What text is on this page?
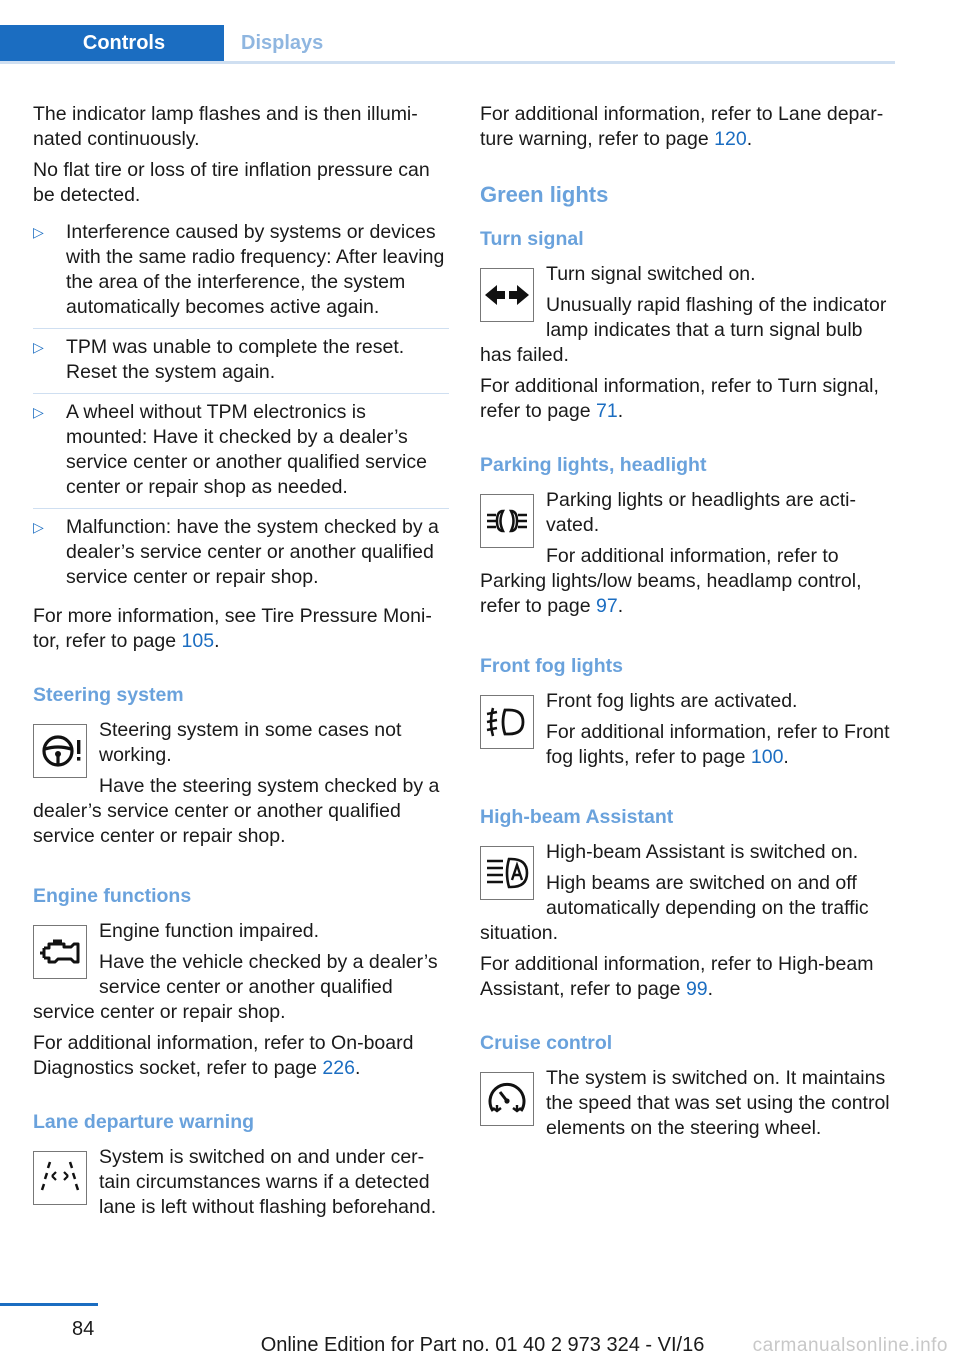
Controls	Displays

The indicator lamp flashes and is then illuminated continuously.

No flat tire or loss of tire inflation pressure can be detected.

▷	Interference caused by systems or devices with the same radio frequency: After leaving the area of the interference, the system automatically becomes active again.
▷	TPM was unable to complete the reset. Reset the system again.
▷	A wheel without TPM electronics is mounted: Have it checked by a dealer’s service center or another qualified service center or repair shop as needed.
▷	Malfunction: have the system checked by a dealer’s service center or another qualified service center or repair shop.

For more information, see Tire Pressure Monitor, refer to page 105.

Steering system

Steering system in some cases not working.

Have the steering system checked by a dealer’s service center or another qualified service center or repair shop.

Engine functions

Engine function impaired.

Have the vehicle checked by a dealer’s service center or another qualified service center or repair shop.

For additional information, refer to On-board Diagnostics socket, refer to page 226.

Lane departure warning

System is switched on and under certain circumstances warns if a detected lane is left without flashing beforehand.

For additional information, refer to Lane departure warning, refer to page 120.

Green lights
Turn signal

Turn signal switched on.

Unusually rapid flashing of the indicator lamp indicates that a turn signal bulb has failed.

For additional information, refer to Turn signal, refer to page 71.

Parking lights, headlight

Parking lights or headlights are activated.

For additional information, refer to Parking lights/low beams, headlamp control, refer to page 97.

Front fog lights

Front fog lights are activated.

For additional information, refer to Front fog lights, refer to page 100.

High-beam Assistant

High-beam Assistant is switched on.

High beams are switched on and off automatically depending on the traffic situation.

For additional information, refer to High-beam Assistant, refer to page 99.

Cruise control

The system is switched on. It maintains the speed that was set using the control elements on the steering wheel.

84
Online Edition for Part no. 01 40 2 973 324 - VI/16	carmanualsonline.info
